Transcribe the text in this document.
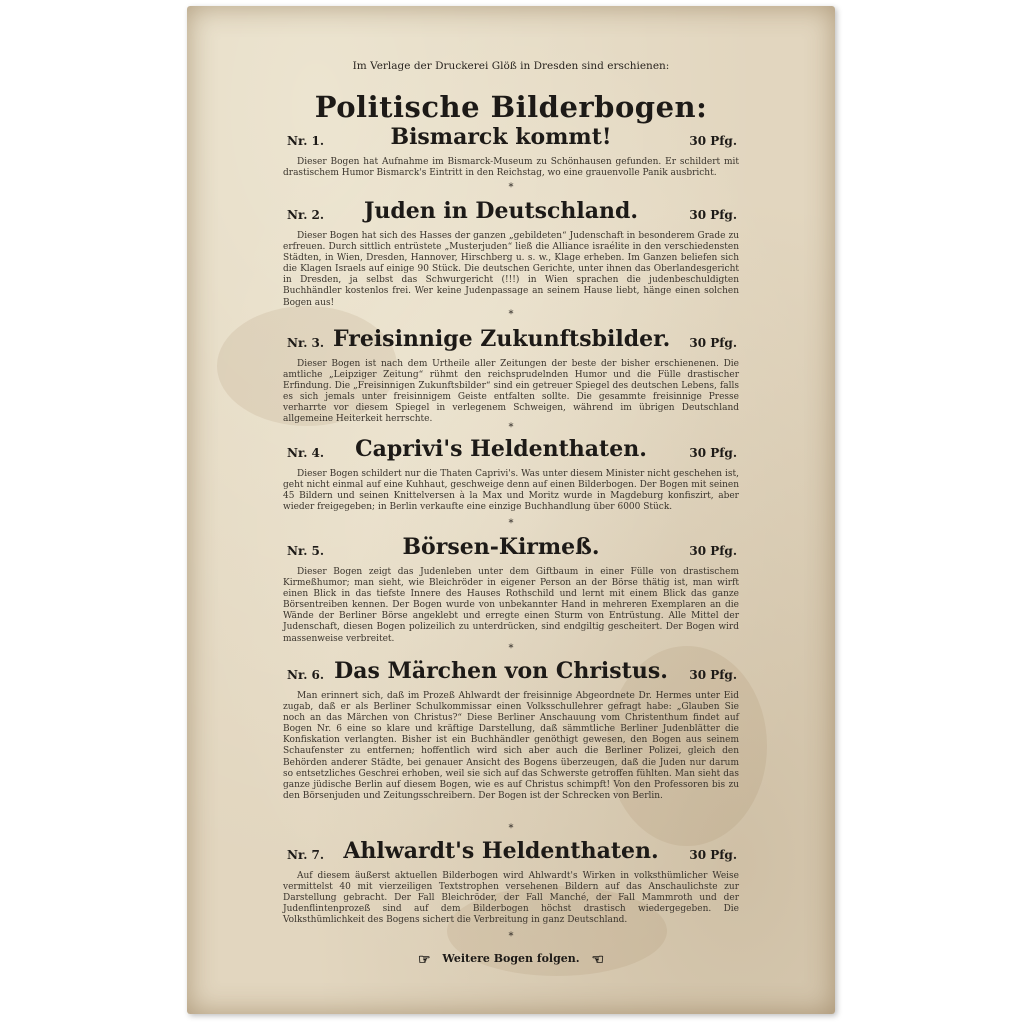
Im Verlage der Druckerei Glöß in Dresden sind erschienen:
Politische Bilderbogen:
Nr. 1.	Bismarck kommt!	30 Pfg.
Dieser Bogen hat Aufnahme im Bismarck-Museum zu Schönhausen gefunden. Er schildert mit drastischem Humor Bismarck's Eintritt in den Reichstag, wo eine grauenvolle Panik ausbricht.
*
Nr. 2.	Juden in Deutschland.	30 Pfg.
Dieser Bogen hat sich des Hasses der ganzen „gebildeten“ Judenschaft in besonderem Grade zu erfreuen. Durch sittlich entrüstete „Musterjuden“ ließ die Alliance israélite in den verschiedensten Städten, in Wien, Dresden, Hannover, Hirschberg u. s. w., Klage erheben. Im Ganzen beliefen sich die Klagen Israels auf einige 90 Stück. Die deutschen Gerichte, unter ihnen das Oberlandesgericht in Dresden, ja selbst das Schwurgericht (!!!) in Wien sprachen die judenbeschuldigten Buchhändler kostenlos frei. Wer keine Judenpassage an seinem Hause liebt, hänge einen solchen Bogen aus!
*
Nr. 3. Freisinnige Zukunftsbilder. 30 Pfg.
Dieser Bogen ist nach dem Urtheile aller Zeitungen der beste der bisher erschienenen. Die amtliche „Leipziger Zeitung“ rühmt den reichsprudelnden Humor und die Fülle drastischer Erfindung. Die „Freisinnigen Zukunftsbilder“ sind ein getreuer Spiegel des deutschen Lebens, falls es sich jemals unter freisinnigem Geiste entfalten sollte. Die gesammte freisinnige Presse verharrte vor diesem Spiegel in verlegenem Schweigen, während im übrigen Deutschland allgemeine Heiterkeit herrschte.
*
Nr. 4.	Caprivi's Heldenthaten.	30 Pfg.
Dieser Bogen schildert nur die Thaten Caprivi's. Was unter diesem Minister nicht geschehen ist, geht nicht einmal auf eine Kuhhaut, geschweige denn auf einen Bilderbogen. Der Bogen mit seinen 45 Bildern und seinen Knittelversen à la Max und Moritz wurde in Magdeburg konfiszirt, aber wieder freigegeben; in Berlin verkaufte eine einzige Buchhandlung über 6000 Stück.
*
Nr. 5.	Börsen-Kirmeß.	30 Pfg.
Dieser Bogen zeigt das Judenleben unter dem Giftbaum in einer Fülle von drastischem Kirmeßhumor; man sieht, wie Bleichröder in eigener Person an der Börse thätig ist, man wirft einen Blick in das tiefste Innere des Hauses Rothschild und lernt mit einem Blick das ganze Börsentreiben kennen. Der Bogen wurde von unbekannter Hand in mehreren Exemplaren an die Wände der Berliner Börse angeklebt und erregte einen Sturm von Entrüstung. Alle Mittel der Judenschaft, diesen Bogen polizeilich zu unterdrücken, sind endgiltig gescheitert. Der Bogen wird massenweise verbreitet.
*
Nr. 6. Das Märchen von Christus. 30 Pfg.
Man erinnert sich, daß im Prozeß Ahlwardt der freisinnige Abgeordnete Dr. Hermes unter Eid zugab, daß er als Berliner Schulkommissar einen Volksschullehrer gefragt habe: „Glauben Sie noch an das Märchen von Christus?“ Diese Berliner Anschauung vom Christenthum findet auf Bogen Nr. 6 eine so klare und kräftige Darstellung, daß sämmtliche Berliner Judenblätter die Konfiskation verlangten. Bisher ist ein Buchhändler genöthigt gewesen, den Bogen aus seinem Schaufenster zu entfernen; hoffentlich wird sich aber auch die Berliner Polizei, gleich den Behörden anderer Städte, bei genauer Ansicht des Bogens überzeugen, daß die Juden nur darum so entsetzliches Geschrei erhoben, weil sie sich auf das Schwerste getroffen fühlten. Man sieht das ganze jüdische Berlin auf diesem Bogen, wie es auf Christus schimpft! Von den Professoren bis zu den Börsenjuden und Zeitungsschreibern. Der Bogen ist der Schrecken von Berlin.
*
Nr. 7. Ahlwardt's Heldenthaten.	30 Pfg.
Auf diesem äußerst aktuellen Bilderbogen wird Ahlwardt's Wirken in volksthümlicher Weise vermittelst 40 mit vierzeiligen Textstrophen versehenen Bildern auf das Anschaulichste zur Darstellung gebracht. Der Fall Bleichröder, der Fall Manché, der Fall Mammroth und der Judenflintenprozeß sind auf dem Bilderbogen höchst drastisch wiedergegeben. Die Volksthümlichkeit des Bogens sichert die Verbreitung in ganz Deutschland.
*
☞ Weitere Bogen folgen. ☜
